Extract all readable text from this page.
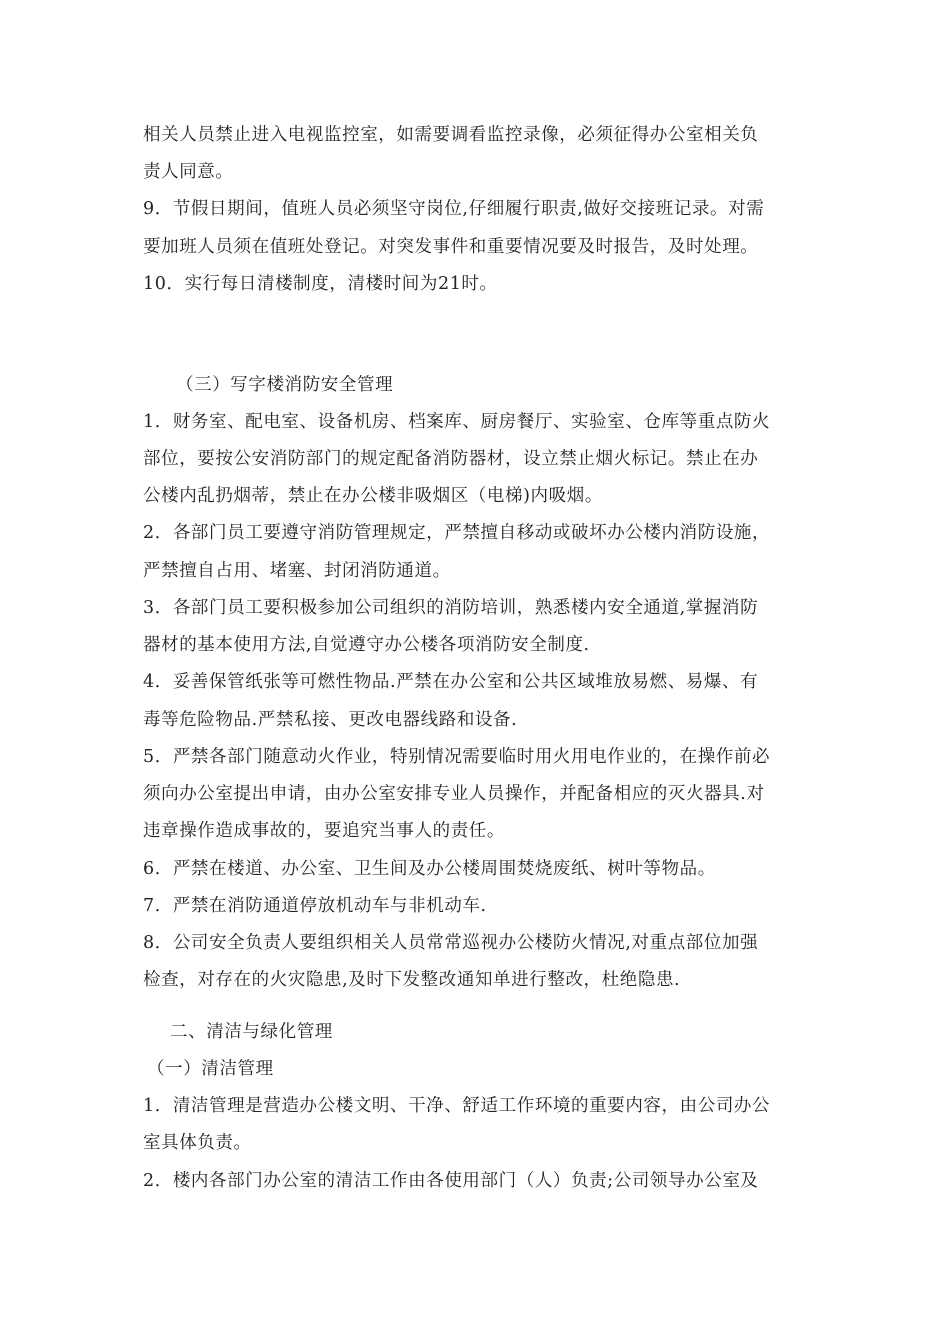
相关人员禁止进入电视监控室，如需要调看监控录像，必须征得办公室相关负
责人同意。
9．节假日期间，值班人员必须坚守岗位,仔细履行职责,做好交接班记录。对需
要加班人员须在值班处登记。对突发事件和重要情况要及时报告，及时处理。
10．实行每日清楼制度，清楼时间为21时。
（三）写字楼消防安全管理
1．财务室、配电室、设备机房、档案库、厨房餐厅、实验室、仓库等重点防火
部位，要按公安消防部门的规定配备消防器材，设立禁止烟火标记。禁止在办
公楼内乱扔烟蒂，禁止在办公楼非吸烟区（电梯)内吸烟。
2．各部门员工要遵守消防管理规定，严禁擅自移动或破坏办公楼内消防设施，
严禁擅自占用、堵塞、封闭消防通道。
3．各部门员工要积极参加公司组织的消防培训，熟悉楼内安全通道,掌握消防
器材的基本使用方法,自觉遵守办公楼各项消防安全制度.
4．妥善保管纸张等可燃性物品.严禁在办公室和公共区域堆放易燃、易爆、有
毒等危险物品.严禁私接、更改电器线路和设备.
5．严禁各部门随意动火作业，特别情况需要临时用火用电作业的，在操作前必
须向办公室提出申请，由办公室安排专业人员操作，并配备相应的灭火器具.对
违章操作造成事故的，要追究当事人的责任。
6．严禁在楼道、办公室、卫生间及办公楼周围焚烧废纸、树叶等物品。
7．严禁在消防通道停放机动车与非机动车.
8．公司安全负责人要组织相关人员常常巡视办公楼防火情况,对重点部位加强
检查，对存在的火灾隐患,及时下发整改通知单进行整改，杜绝隐患.
二、清洁与绿化管理
（一）清洁管理
1．清洁管理是营造办公楼文明、干净、舒适工作环境的重要内容，由公司办公
室具体负责。
2．楼内各部门办公室的清洁工作由各使用部门（人）负责;公司领导办公室及
